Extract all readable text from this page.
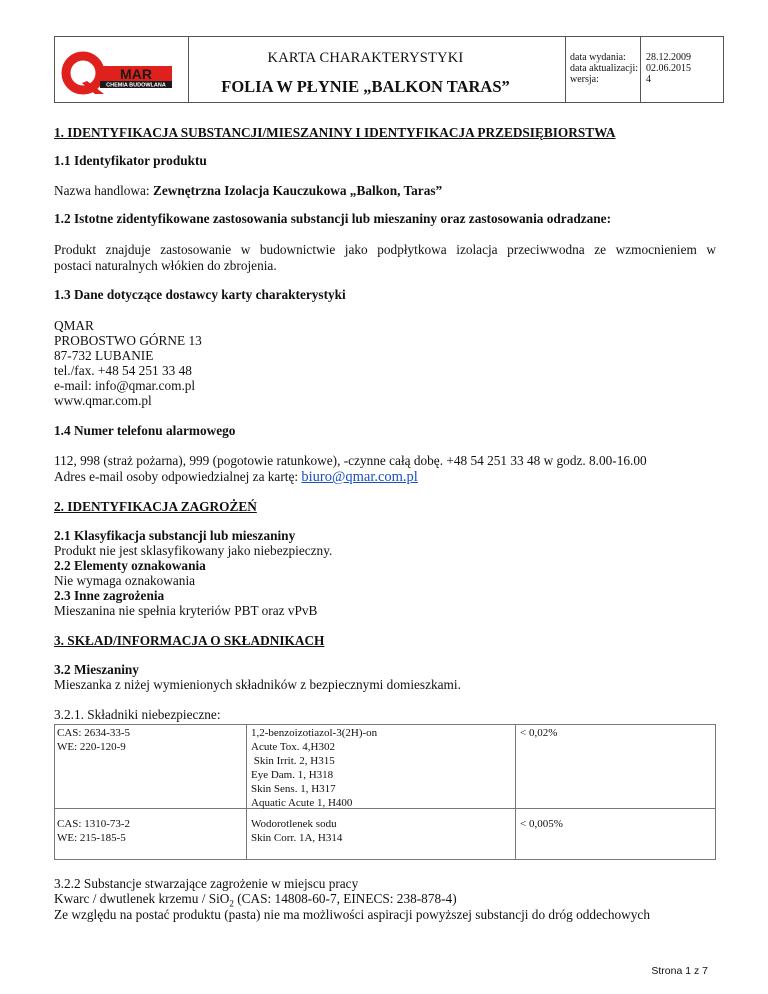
MAR
CHEMIA BUDOWLANA
KARTA CHARAKTERYSTYKI
FOLIA W PŁYNIE „BALKON TARAS”
data wydania:
data aktualizacji:
wersja:
28.12.2009
02.06.2015
4
1. IDENTYFIKACJA SUBSTANCJI/MIESZANINY I IDENTYFIKACJA PRZEDSIĘBIORSTWA
1.1 Identyfikator produktu
Nazwa handlowa: Zewnętrzna Izolacja Kauczukowa „Balkon, Taras”
1.2 Istotne zidentyfikowane zastosowania substancji lub mieszaniny oraz zastosowania odradzane:
Produkt znajduje zastosowanie w budownictwie jako podpłytkowa izolacja przeciwwodna ze wzmocnieniem w
postaci naturalnych włókien do zbrojenia.
1.3 Dane dotyczące dostawcy karty charakterystyki
QMAR
PROBOSTWO GÓRNE 13
87-732 LUBANIE
tel./fax. +48 54 251 33 48
e-mail: info@qmar.com.pl
www.qmar.com.pl
1.4 Numer telefonu alarmowego
112, 998 (straż pożarna), 999 (pogotowie ratunkowe), -czynne całą dobę. +48 54 251 33 48 w godz. 8.00-16.00
Adres e-mail osoby odpowiedzialnej za kartę: biuro@qmar.com.pl
2. IDENTYFIKACJA ZAGROŻEŃ
2.1 Klasyfikacja substancji lub mieszaniny
Produkt nie jest sklasyfikowany jako niebezpieczny.
2.2 Elementy oznakowania
Nie wymaga oznakowania
2.3 Inne zagrożenia
Mieszanina nie spełnia kryteriów PBT oraz vPvB
3. SKŁAD/INFORMACJA O SKŁADNIKACH
3.2 Mieszaniny
Mieszanka z niżej wymienionych składników z bezpiecznymi domieszkami.
3.2.1. Składniki niebezpieczne:
CAS: 2634-33-5
WE: 220-120-9
1,2-benzoizotiazol-3(2H)-on
Acute Tox. 4,H302
Skin Irrit. 2, H315
Eye Dam. 1, H318
Skin Sens. 1, H317
Aquatic Acute 1, H400
< 0,02%
CAS: 1310-73-2
WE: 215-185-5
Wodorotlenek sodu
Skin Corr. 1A, H314
< 0,005%
3.2.2 Substancje stwarzające zagrożenie w miejscu pracy
Kwarc / dwutlenek krzemu / SiO$_2$ (CAS: 14808-60-7, EINECS: 238-878-4)
Ze względu na postać produktu (pasta) nie ma możliwości aspiracji powyższej substancji do dróg oddechowych
Strona 1 z 7
